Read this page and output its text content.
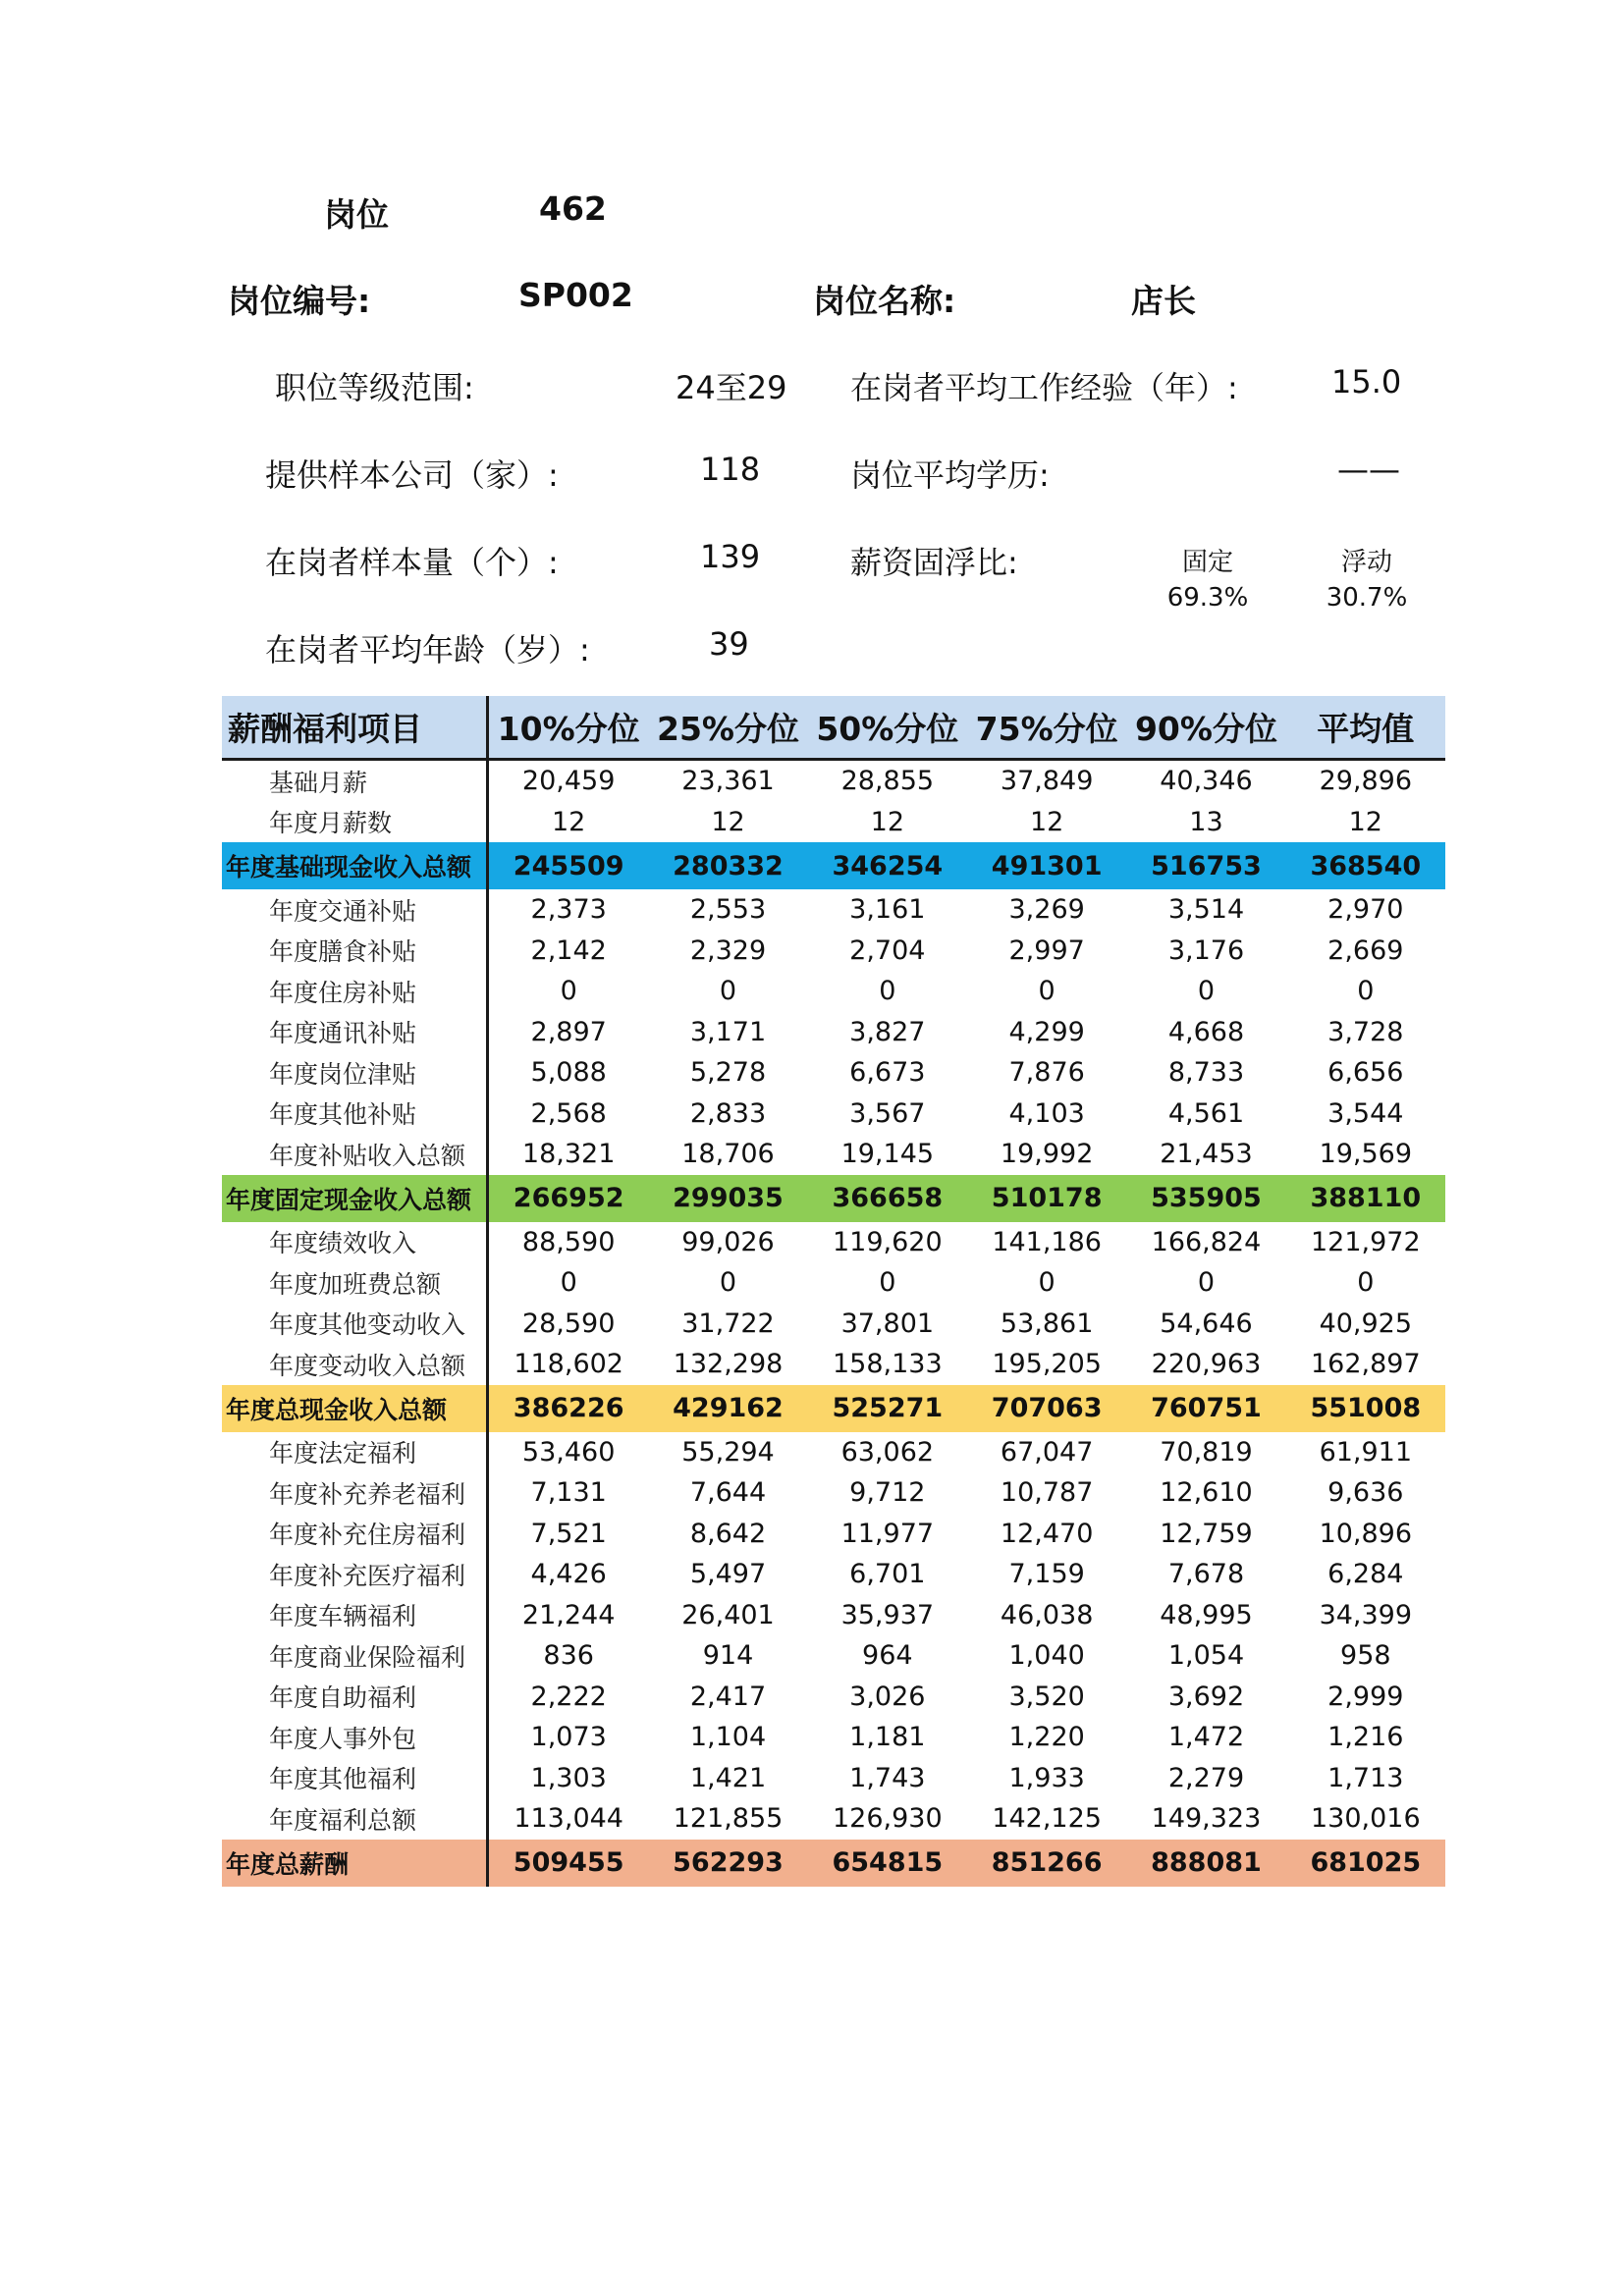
岗位	462
岗位编号:	SP002	岗位名称:	店长
职位等级范围:	24至29 在岗者平均工作经验（年）:	15.0
提供样本公司（家）:	118	岗位平均学历:	——
在岗者样本量（个）:	139	薪资固浮比:	固定
69.3%
浮动
30.7%
在岗者平均年龄（岁）:	39
薪酬福利项目	10%分位 25%分位 50%分位 75%分位 90%分位	平均值
基础月薪	20,459	23,361	28,855	37,849	40,346	29,896
年度月薪数	12	12	12	12	13	12
年度基础现金收入总额	245509	280332	346254	491301	516753	368540
年度交通补贴	2,373	2,553	3,161	3,269	3,514	2,970
年度膳食补贴	2,142	2,329	2,704	2,997	3,176	2,669
年度住房补贴	0	0	0	0	0	0
年度通讯补贴	2,897	3,171	3,827	4,299	4,668	3,728
年度岗位津贴	5,088	5,278	6,673	7,876	8,733	6,656
年度其他补贴	2,568	2,833	3,567	4,103	4,561	3,544
年度补贴收入总额	18,321	18,706	19,145	19,992	21,453	19,569
年度固定现金收入总额	266952	299035	366658	510178	535905	388110
年度绩效收入	88,590	99,026	119,620	141,186	166,824	121,972
年度加班费总额	0	0	0	0	0	0
年度其他变动收入	28,590	31,722	37,801	53,861	54,646	40,925
年度变动收入总额	118,602	132,298	158,133	195,205	220,963	162,897
年度总现金收入总额	386226	429162	525271	707063	760751	551008
年度法定福利	53,460	55,294	63,062	67,047	70,819	61,911
年度补充养老福利	7,131	7,644	9,712	10,787	12,610	9,636
年度补充住房福利	7,521	8,642	11,977	12,470	12,759	10,896
年度补充医疗福利	4,426	5,497	6,701	7,159	7,678	6,284
年度车辆福利	21,244	26,401	35,937	46,038	48,995	34,399
年度商业保险福利	836	914	964	1,040	1,054	958
年度自助福利	2,222	2,417	3,026	3,520	3,692	2,999
年度人事外包	1,073	1,104	1,181	1,220	1,472	1,216
年度其他福利	1,303	1,421	1,743	1,933	2,279	1,713
年度福利总额	113,044	121,855	126,930	142,125	149,323	130,016
年度总薪酬	509455	562293	654815	851266	888081	681025
